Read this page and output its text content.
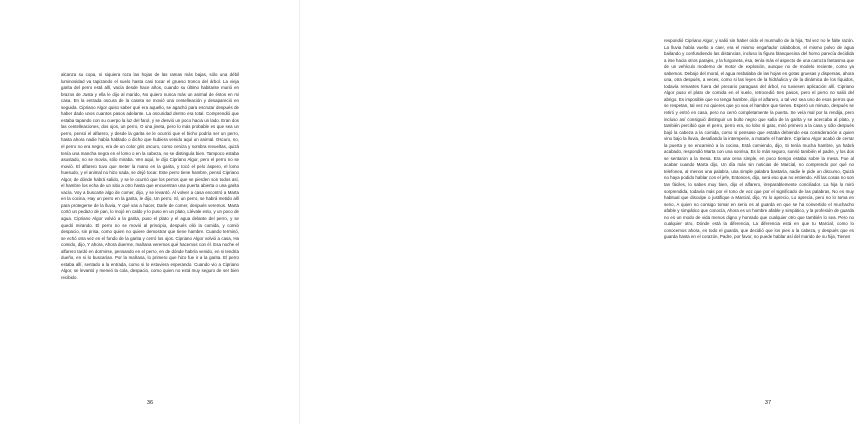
alcanza su copa, ni siquiera roza las hojas de las ramas más bajas, sólo una débil luminosidad va tapizando el suelo hasta casi tocar el grueso tronco del árbol. La vieja garita del perro está allí, vacía desde hace años, cuando su último habitante murió en brazos de Justa y ella le dijo al marido, No quiero nunca más un animal de éstos en mi casa. En la entrada oscura de la caseta se movió una centelleación y desapareció en seguida. Cipriano Algor quiso saber qué era aquello, se agachó para escrutar después de haber dado unos cuantos pasos adelante. La oscuridad dentro era total. Comprendió que estaba tapando con su cuerpo la luz del farol, y se desvió un poco hacia un lado. Eran dos las centelleaciones, dos ojos, un perro, O una jineta, pero lo más probable es que sea un perro, pensó el alfarero, y desde la garita se le ocurrió que el bicho podría ser un perro, hasta ahora nadie había hablado o dicho que hubiera venido aquí un animal. Oscuro, no, el perro no era negro, era de un color gris oscuro, como ceniza y sombra revueltas, quizá tenía una mancha negra en el lomo o en la cabeza, no se distinguía bien. Tampoco estaba asustado, no se movía, sólo miraba. Ven aquí, le dijo Cipriano Algor, pero el perro no se movió. El alfarero tuvo que meter la mano en la garita, y tocó el pelo áspero, el lomo huesudo, y el animal no hizo nada, se dejó tocar. Este perro tiene hambre, pensó Cipriano Algor, de dónde habrá salido, y se le ocurrió que los perros que se pierden son todos así, el hambre los echa de un sitio a otro hasta que encuentran una puerta abierta o una garita vacía. Voy a buscarte algo de comer, dijo, y se levantó. Al volver a casa encontró a Marta en la cocina, Hay un perro en la garita, le dijo, Un perro, Sí, un perro, se habrá metido allí para protegerse de la lluvia, Y qué vas a hacer, Darle de comer, después veremos. Marta cortó un pedazo de pan, lo mojó en caldo y lo puso en un plato, Llévale esto, y un poco de agua. Cipriano Algor volvió a la garita, puso el plato y el agua delante del perro, y se quedó mirando. El perro no se movió al principio, después olió la comida, y comió despacio, sin prisa, como quien no quiere demostrar que tiene hambre. Cuando terminó, se echó otra vez en el fondo de la garita y cerró los ojos. Cipriano Algor volvió a casa, Ha comido, dijo, Y ahora, Ahora duerme, mañana veremos qué hacemos con él. Esa noche el alfarero tardó en dormirse, pensando en el perro, en de dónde habría venido, en si tendría dueño, en si lo buscarían. Por la mañana, lo primero que hizo fue ir a la garita. El perro estaba allí, sentado a la entrada, como si lo estuviera esperando. Cuando vio a Cipriano Algor, se levantó y meneó la cola, despacio, como quien no está muy seguro de ser bien recibido.
36
respondió Cipriano Algor, y salió sin haber oído el murmullo de la hija, Tal vez no le falte razón. La lluvia había vuelto a caer, era el mismo engañador calabobos, el mismo polvo de agua bailando y confundiendo las distancias, incluso la figura blanquecina del horno parecía decidida a irse hacia otros parajes, y la furgoneta, ésa, tenía más el aspecto de una carroza fantasma que de un vehículo moderno de motor de explosión, aunque no de modelo reciente, como ya sabemos. Debajo del moral, el agua resbalaba de las hojas en gotas gruesas y dispersas, ahora una, otra después, a veces, como si las leyes de la hidráulica y de la dinámica de los líquidos, todavía remantes fuera del precario paraguas del árbol, no tuviesen aplicación allí. Cipriano Algor puso el plato de comida en el suelo, retrocedió tres pasos, pero el perro no salió del abrigo. Es imposible que no tenga hambre, dijo el alfarero, o tal vez sea uno de esos perros que se respetan, tal vez no quieres que yo vea el hambre que tienes. Esperó un minuto, después se retiró y entró en casa, pero no cerró completamente la puerta. Se veía mal por la rendija, pero incluso así consiguió distinguir un bulto negro que salía de la garita y se acercaba al plato, y también percibió que el perro, perro era, no lobo ni gato, miró primero a la casa y sólo después bajó la cabeza a la comida, como si pensase que estaba debiendo esa consideración a quien vino bajo la lluvia, desafiando la intemperie, a matarle el hambre. Cipriano Algor acabó de cerrar la puerta y se encaminó a la cocina, Está comiendo, dijo, Si tenía mucha hambre, ya habrá acabado, respondió Marta con una sonrisa, Es lo más seguro, sonrió también el padre, y los dos se sentaron a la mesa. Era una cena simple, en poco tiempo estaba sobre la mesa. Fue al acabar cuando Marta dijo, Un día más sin noticias de Marcial, no comprendo por qué no telefonea, al menos una palabra, una simple palabra bastaría, nadie le pide un discurso, Quizá no haya podido hablar con el jefe, Entonces, dijo, será eso que no entiendo. Allí las cosas no son tan fáciles, lo sabes muy bien, dijo el alfarero, irreparablemente conciliador. La hija lo miró sorprendida, todavía más por el tono de voz que por el significado de las palabras, No es muy habitual que disculpe o justifique a Marcial, dijo, Yo lo aprecio, Lo aprecia, pero no lo toma en serio, A quien no consigo tomar en serio es al guarda en que se ha convertido el muchacho afable y simpático que conocía, Ahora es un hombre afable y simpático, y la profesión de guarda no es un modo de vida menos digno y honrado que cualquier otro que también lo sea. Pero no cualquier otro, Dónde está la diferencia, La diferencia está en que tu Marcial, como lo conocemos ahora, es todo el guarda, que decidió que los pies a la cabeza, y después que es guarda hasta en el corazón, Padre, por favor, no puede hablar así del marido de su hija, Tienes
37
